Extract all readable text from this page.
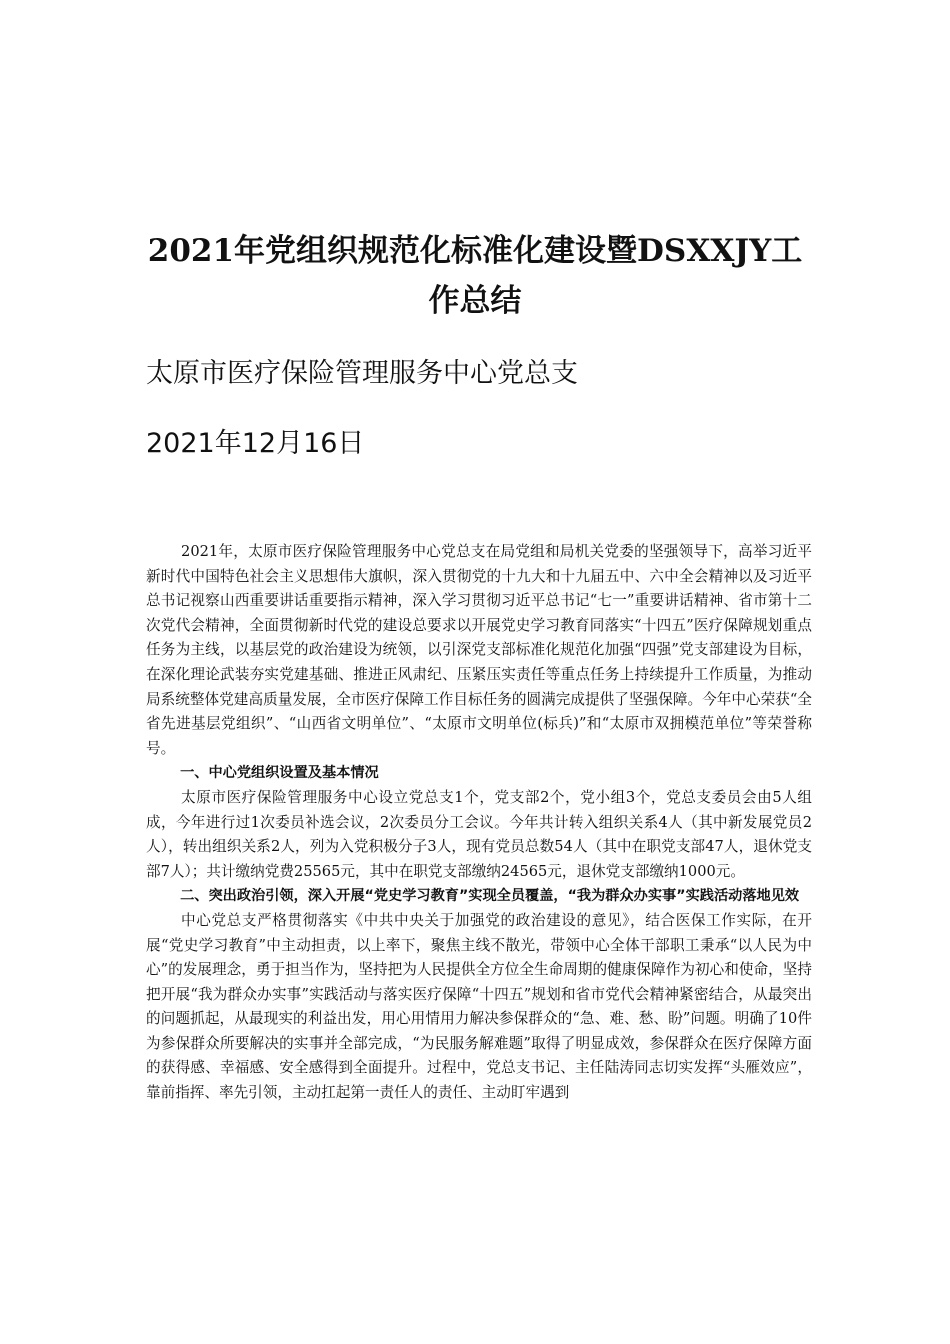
2021年党组织规范化标准化建设暨DSXXJY工作总结
太原市医疗保险管理服务中心党总支
2021年12月16日

2021年，太原市医疗保险管理服务中心党总支在局党组和局机关党委的坚强领导下，高举习近平新时代中国特色社会主义思想伟大旗帜，深入贯彻党的十九大和十九届五中、六中全会精神以及习近平总书记视察山西重要讲话重要指示精神，深入学习贯彻习近平总书记“七一”重要讲话精神、省市第十二次党代会精神，全面贯彻新时代党的建设总要求以开展党史学习教育同落实“十四五”医疗保障规划重点任务为主线，以基层党的政治建设为统领，以引深党支部标准化规范化加强“四强”党支部建设为目标，在深化理论武装夯实党建基础、推进正风肃纪、压紧压实责任等重点任务上持续提升工作质量，为推动局系统整体党建高质量发展，全市医疗保障工作目标任务的圆满完成提供了坚强保障。今年中心荣获“全省先进基层党组织”、“山西省文明单位”、“太原市文明单位(标兵)”和“太原市双拥模范单位”等荣誉称号。

一、中心党组织设置及基本情况

太原市医疗保险管理服务中心设立党总支1个，党支部2个，党小组3个，党总支委员会由5人组成，今年进行过1次委员补选会议，2次委员分工会议。今年共计转入组织关系4人（其中新发展党员2人），转出组织关系2人，列为入党积极分子3人，现有党员总数54人（其中在职党支部47人，退休党支部7人）；共计缴纳党费25565元，其中在职党支部缴纳24565元，退休党支部缴纳1000元。

二、突出政治引领，深入开展“党史学习教育”实现全员覆盖，“我为群众办实事”实践活动落地见效

中心党总支严格贯彻落实《中共中央关于加强党的政治建设的意见》，结合医保工作实际，在开展“党史学习教育”中主动担责，以上率下，聚焦主线不散光，带领中心全体干部职工秉承“以人民为中心”的发展理念，勇于担当作为，坚持把为人民提供全方位全生命周期的健康保障作为初心和使命，坚持把开展“我为群众办实事”实践活动与落实医疗保障“十四五”规划和省市党代会精神紧密结合，从最突出的问题抓起，从最现实的利益出发，用心用情用力解决参保群众的“急、难、愁、盼”问题。明确了10件为参保群众所要解决的实事并全部完成，“为民服务解难题”取得了明显成效，参保群众在医疗保障方面的获得感、幸福感、安全感得到全面提升。过程中，党总支书记、主任陆涛同志切实发挥“头雁效应”，靠前指挥、率先引领，主动扛起第一责任人的责任、主动盯牢遇到
